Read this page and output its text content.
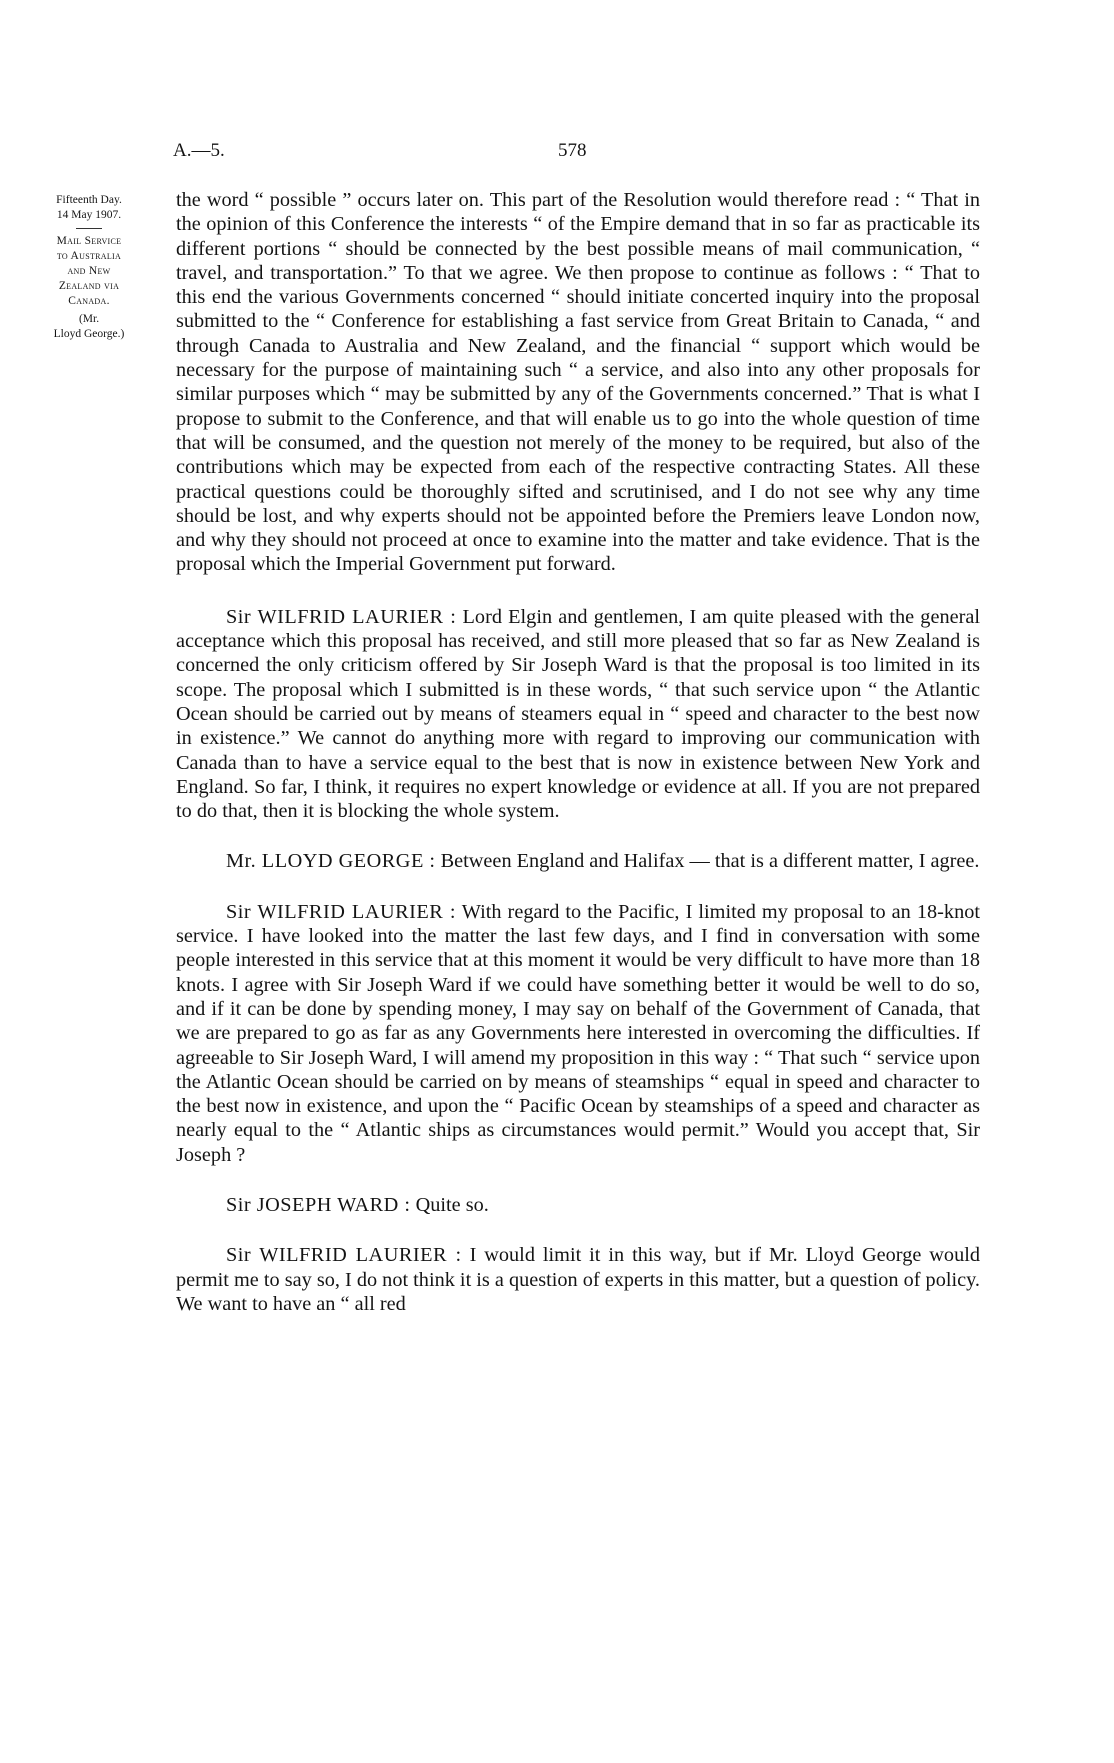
A.—5.	578
Fifteenth Day.
14 May 1907.
Mail Service
to Australia
and New
Zealand via
Canada.
(Mr.
Lloyd George.)

the word “ possible ” occurs later on. This part of the Resolution would therefore read : “ That in the opinion of this Conference the interests “ of the Empire demand that in so far as practicable its different portions “ should be connected by the best possible means of mail communication, “ travel, and transportation.” To that we agree. We then propose to continue as follows : “ That to this end the various Governments concerned “ should initiate concerted inquiry into the proposal submitted to the “ Conference for establishing a fast service from Great Britain to Canada, “ and through Canada to Australia and New Zealand, and the financial “ support which would be necessary for the purpose of maintaining such “ a service, and also into any other proposals for similar purposes which “ may be submitted by any of the Governments concerned.” That is what I propose to submit to the Conference, and that will enable us to go into the whole question of time that will be consumed, and the question not merely of the money to be required, but also of the contributions which may be expected from each of the respective contracting States. All these practical questions could be thoroughly sifted and scrutinised, and I do not see why any time should be lost, and why experts should not be appointed before the Premiers leave London now, and why they should not proceed at once to examine into the matter and take evidence. That is the proposal which the Imperial Government put forward.

Sir WILFRID LAURIER : Lord Elgin and gentlemen, I am quite pleased with the general acceptance which this proposal has received, and still more pleased that so far as New Zealand is concerned the only criticism offered by Sir Joseph Ward is that the proposal is too limited in its scope. The proposal which I submitted is in these words, “ that such service upon “ the Atlantic Ocean should be carried out by means of steamers equal in “ speed and character to the best now in existence.” We cannot do anything more with regard to improving our communication with Canada than to have a service equal to the best that is now in existence between New York and England. So far, I think, it requires no expert knowledge or evidence at all. If you are not prepared to do that, then it is blocking the whole system.

Mr. LLOYD GEORGE : Between England and Halifax — that is a different matter, I agree.

Sir WILFRID LAURIER : With regard to the Pacific, I limited my proposal to an 18-knot service. I have looked into the matter the last few days, and I find in conversation with some people interested in this service that at this moment it would be very difficult to have more than 18 knots. I agree with Sir Joseph Ward if we could have something better it would be well to do so, and if it can be done by spending money, I may say on behalf of the Government of Canada, that we are prepared to go as far as any Governments here interested in overcoming the difficulties. If agreeable to Sir Joseph Ward, I will amend my proposition in this way : “ That such “ service upon the Atlantic Ocean should be carried on by means of steamships “ equal in speed and character to the best now in existence, and upon the “ Pacific Ocean by steamships of a speed and character as nearly equal to the “ Atlantic ships as circumstances would permit.” Would you accept that, Sir Joseph ?

Sir JOSEPH WARD : Quite so.

Sir WILFRID LAURIER : I would limit it in this way, but if Mr. Lloyd George would permit me to say so, I do not think it is a question of experts in this matter, but a question of policy. We want to have an “ all red
